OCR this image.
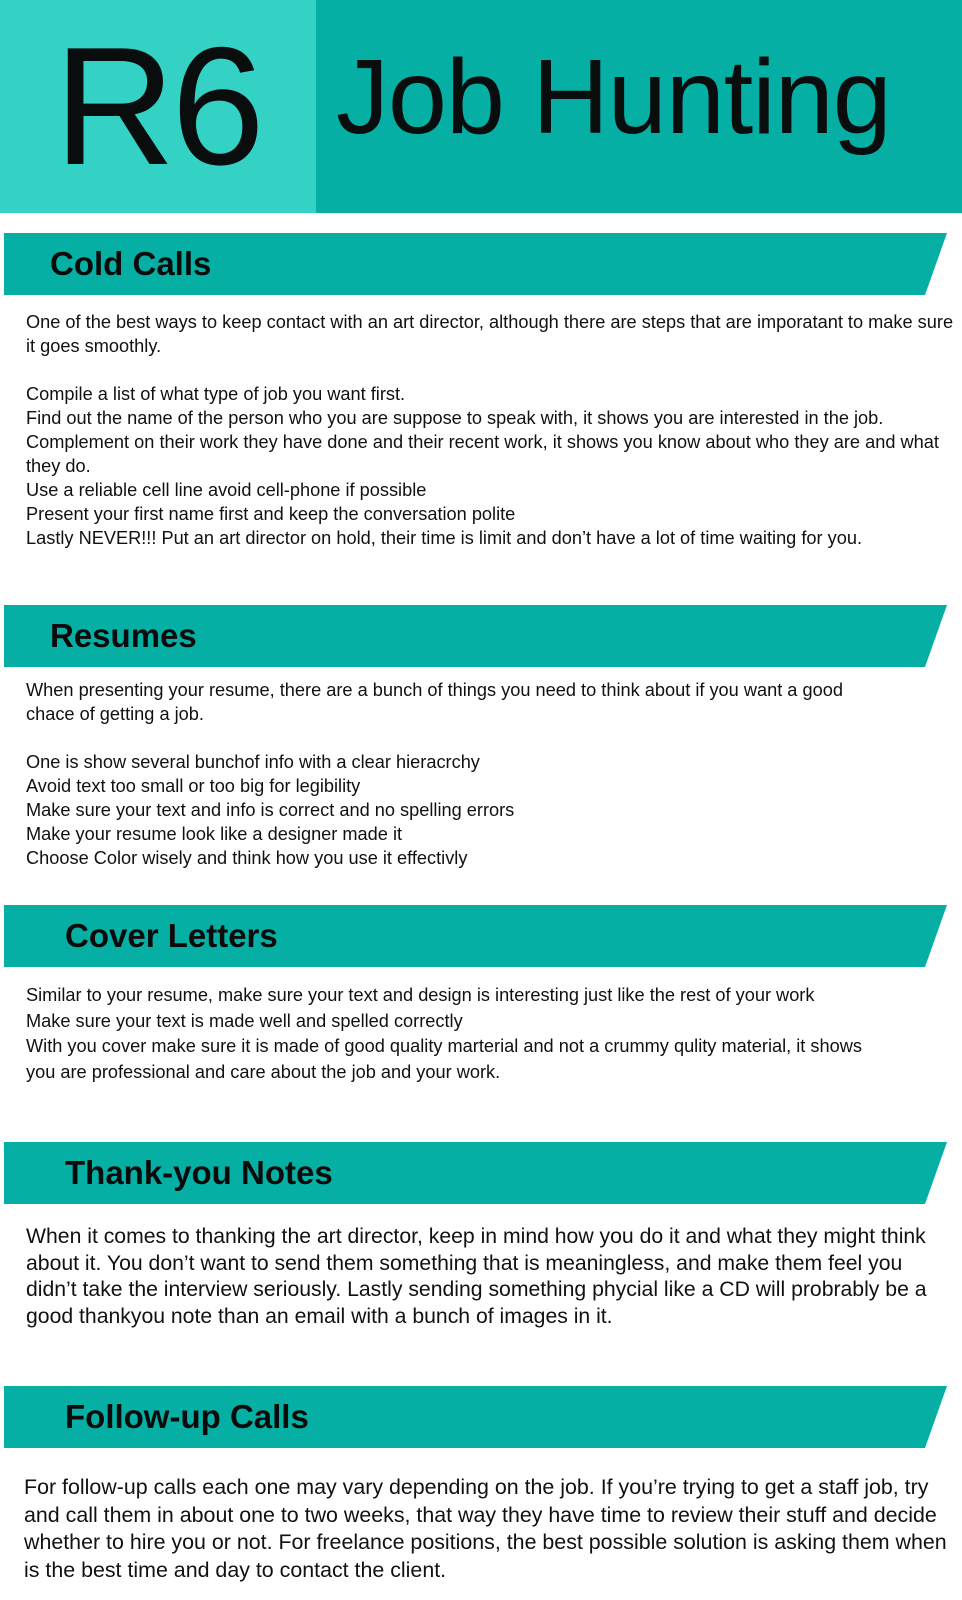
R6 Job Hunting
Cold Calls
One of the best ways to keep contact with an art director, although there are steps that are imporatant to make sure it goes smoothly.
Compile a list of what type of job you want first.
Find out the name of the person who you are suppose to speak with, it shows you are interested in the job.
Complement on their work they have done and their recent work, it shows you know about who they are and what they do.
Use a reliable cell line avoid cell-phone if possible
Present your first name first and keep the conversation polite
Lastly NEVER!!! Put an art director on hold, their time is limit and don’t have a lot of time waiting for you.
Resumes
When presenting your resume, there are a bunch of things you need to think about if you want a good chace of getting a job.
One is show several bunchof info with a clear hieracrchy
Avoid text too small or too big for legibility
Make sure your text and info is correct and no spelling errors
Make your resume look like a designer made it
Choose Color wisely and think how you use it effectivly
Cover Letters
Similar to your resume, make sure your text and design is interesting just like the rest of your work
Make sure your text is made well and spelled correctly
With you cover make sure it is made of good quality marterial and not a crummy qulity material, it shows you are professional and care about the job and your work.
Thank-you Notes
When it comes to thanking the art director, keep in mind how you do it and what they might think about it. You don’t want to send them something that is meaningless, and make them feel you didn’t take the interview seriously. Lastly sending something phycial like a CD will probrably be a good thankyou note than an email with a bunch of images in it.
Follow-up Calls
For follow-up calls each one may vary depending on the job. If you’re trying to get a staff job, try and call them in about one to two weeks, that way they have time to review their stuff and decide whether to hire you or not. For freelance positions, the best possible solution is asking them when is the best time and day to contact the client.
